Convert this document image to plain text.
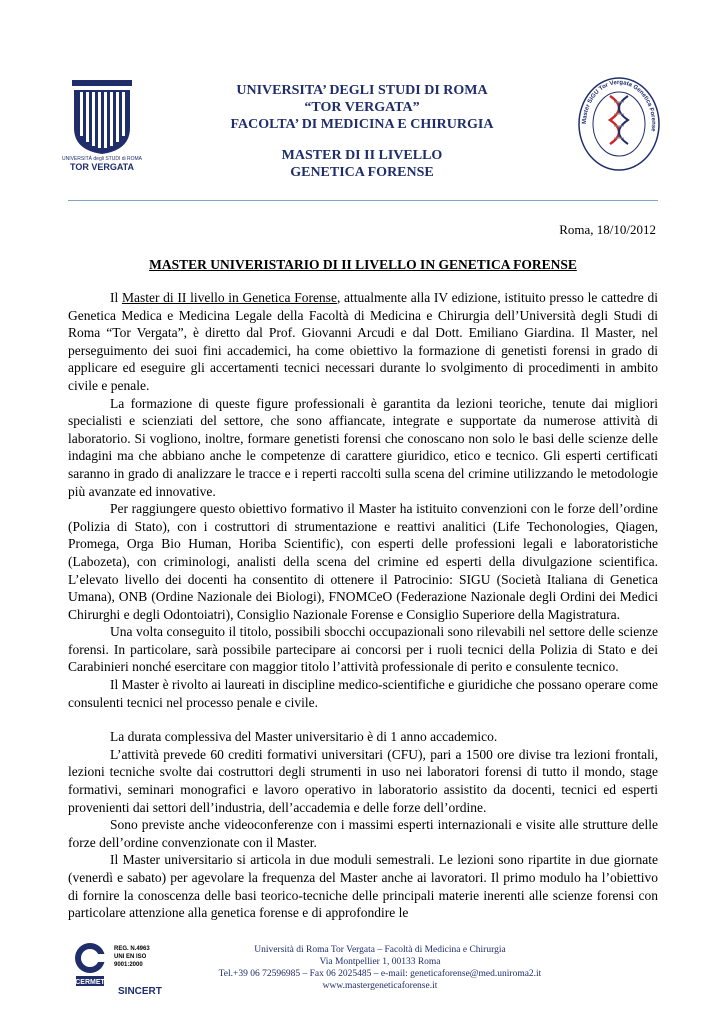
UNIVERSITÀ degli STUDI di ROMA
TOR VERGATA
UNIVERSITA’ DEGLI STUDI DI ROMA
“TOR VERGATA”
FACOLTA’ DI MEDICINA E CHIRURGIA
MASTER DI II LIVELLO
GENETICA FORENSE
Master SIGU Tor Vergata Genetica Forense
Roma, 18/10/2012
MASTER UNIVERISTARIO DI II LIVELLO IN GENETICA FORENSE

Il Master di II livello in Genetica Forense, attualmente alla IV edizione, istituito presso le cattedre di Genetica Medica e Medicina Legale della Facoltà di Medicina e Chirurgia dell’Università degli Studi di Roma “Tor Vergata”, è diretto dal Prof. Giovanni Arcudi e dal Dott. Emiliano Giardina. Il Master, nel perseguimento dei suoi fini accademici, ha come obiettivo la formazione di genetisti forensi in grado di applicare ed eseguire gli accertamenti tecnici necessari durante lo svolgimento di procedimenti in ambito civile e penale.

La formazione di queste figure professionali è garantita da lezioni teoriche, tenute dai migliori specialisti e scienziati del settore, che sono affiancate, integrate e supportate da numerose attività di laboratorio. Si vogliono, inoltre, formare genetisti forensi che conoscano non solo le basi delle scienze delle indagini ma che abbiano anche le competenze di carattere giuridico, etico e tecnico. Gli esperti certificati saranno in grado di analizzare le tracce e i reperti raccolti sulla scena del crimine utilizzando le metodologie più avanzate ed innovative.

Per raggiungere questo obiettivo formativo il Master ha istituito convenzioni con le forze dell’ordine (Polizia di Stato), con i costruttori di strumentazione e reattivi analitici (Life Techonologies, Qiagen, Promega, Orga Bio Human, Horiba Scientific), con esperti delle professioni legali e laboratoristiche (Labozeta), con criminologi, analisti della scena del crimine ed esperti della divulgazione scientifica. L’elevato livello dei docenti ha consentito di ottenere il Patrocinio: SIGU (Società Italiana di Genetica Umana), ONB (Ordine Nazionale dei Biologi), FNOMCeO (Federazione Nazionale degli Ordini dei Medici Chirurghi e degli Odontoiatri), Consiglio Nazionale Forense e Consiglio Superiore della Magistratura.

Una volta conseguito il titolo, possibili sbocchi occupazionali sono rilevabili nel settore delle scienze forensi. In particolare, sarà possibile partecipare ai concorsi per i ruoli tecnici della Polizia di Stato e dei Carabinieri nonché esercitare con maggior titolo l’attività professionale di perito e consulente tecnico.

Il Master è rivolto ai laureati in discipline medico-scientifiche e giuridiche che possano operare come consulenti tecnici nel processo penale e civile.

La durata complessiva del Master universitario è di 1 anno accademico.

L’attività prevede 60 crediti formativi universitari (CFU), pari a 1500 ore divise tra lezioni frontali, lezioni tecniche svolte dai costruttori degli strumenti in uso nei laboratori forensi di tutto il mondo, stage formativi, seminari monografici e lavoro operativo in laboratorio assistito da docenti, tecnici ed esperti provenienti dai settori dell’industria, dell’accademia e delle forze dell’ordine.

Sono previste anche videoconferenze con i massimi esperti internazionali e visite alle strutture delle forze dell’ordine convenzionate con il Master.

Il Master universitario si articola in due moduli semestrali. Le lezioni sono ripartite in due giornate (venerdì e sabato) per agevolare la frequenza del Master anche ai lavoratori. Il primo modulo ha l’obiettivo di fornire la conoscenza delle basi teorico-tecniche delle principali materie inerenti alle scienze forensi con particolare attenzione alla genetica forense e di approfondire le

CERMET
REG. N.4963
UNI EN ISO
9001:2000
SINCERT
Università di Roma Tor Vergata – Facoltà di Medicina e Chirurgia
Via Montpellier 1, 00133 Roma
Tel.+39 06 72596985 – Fax 06 2025485 – e-mail: geneticaforense@med.uniroma2.it
www.mastergeneticaforense.it
